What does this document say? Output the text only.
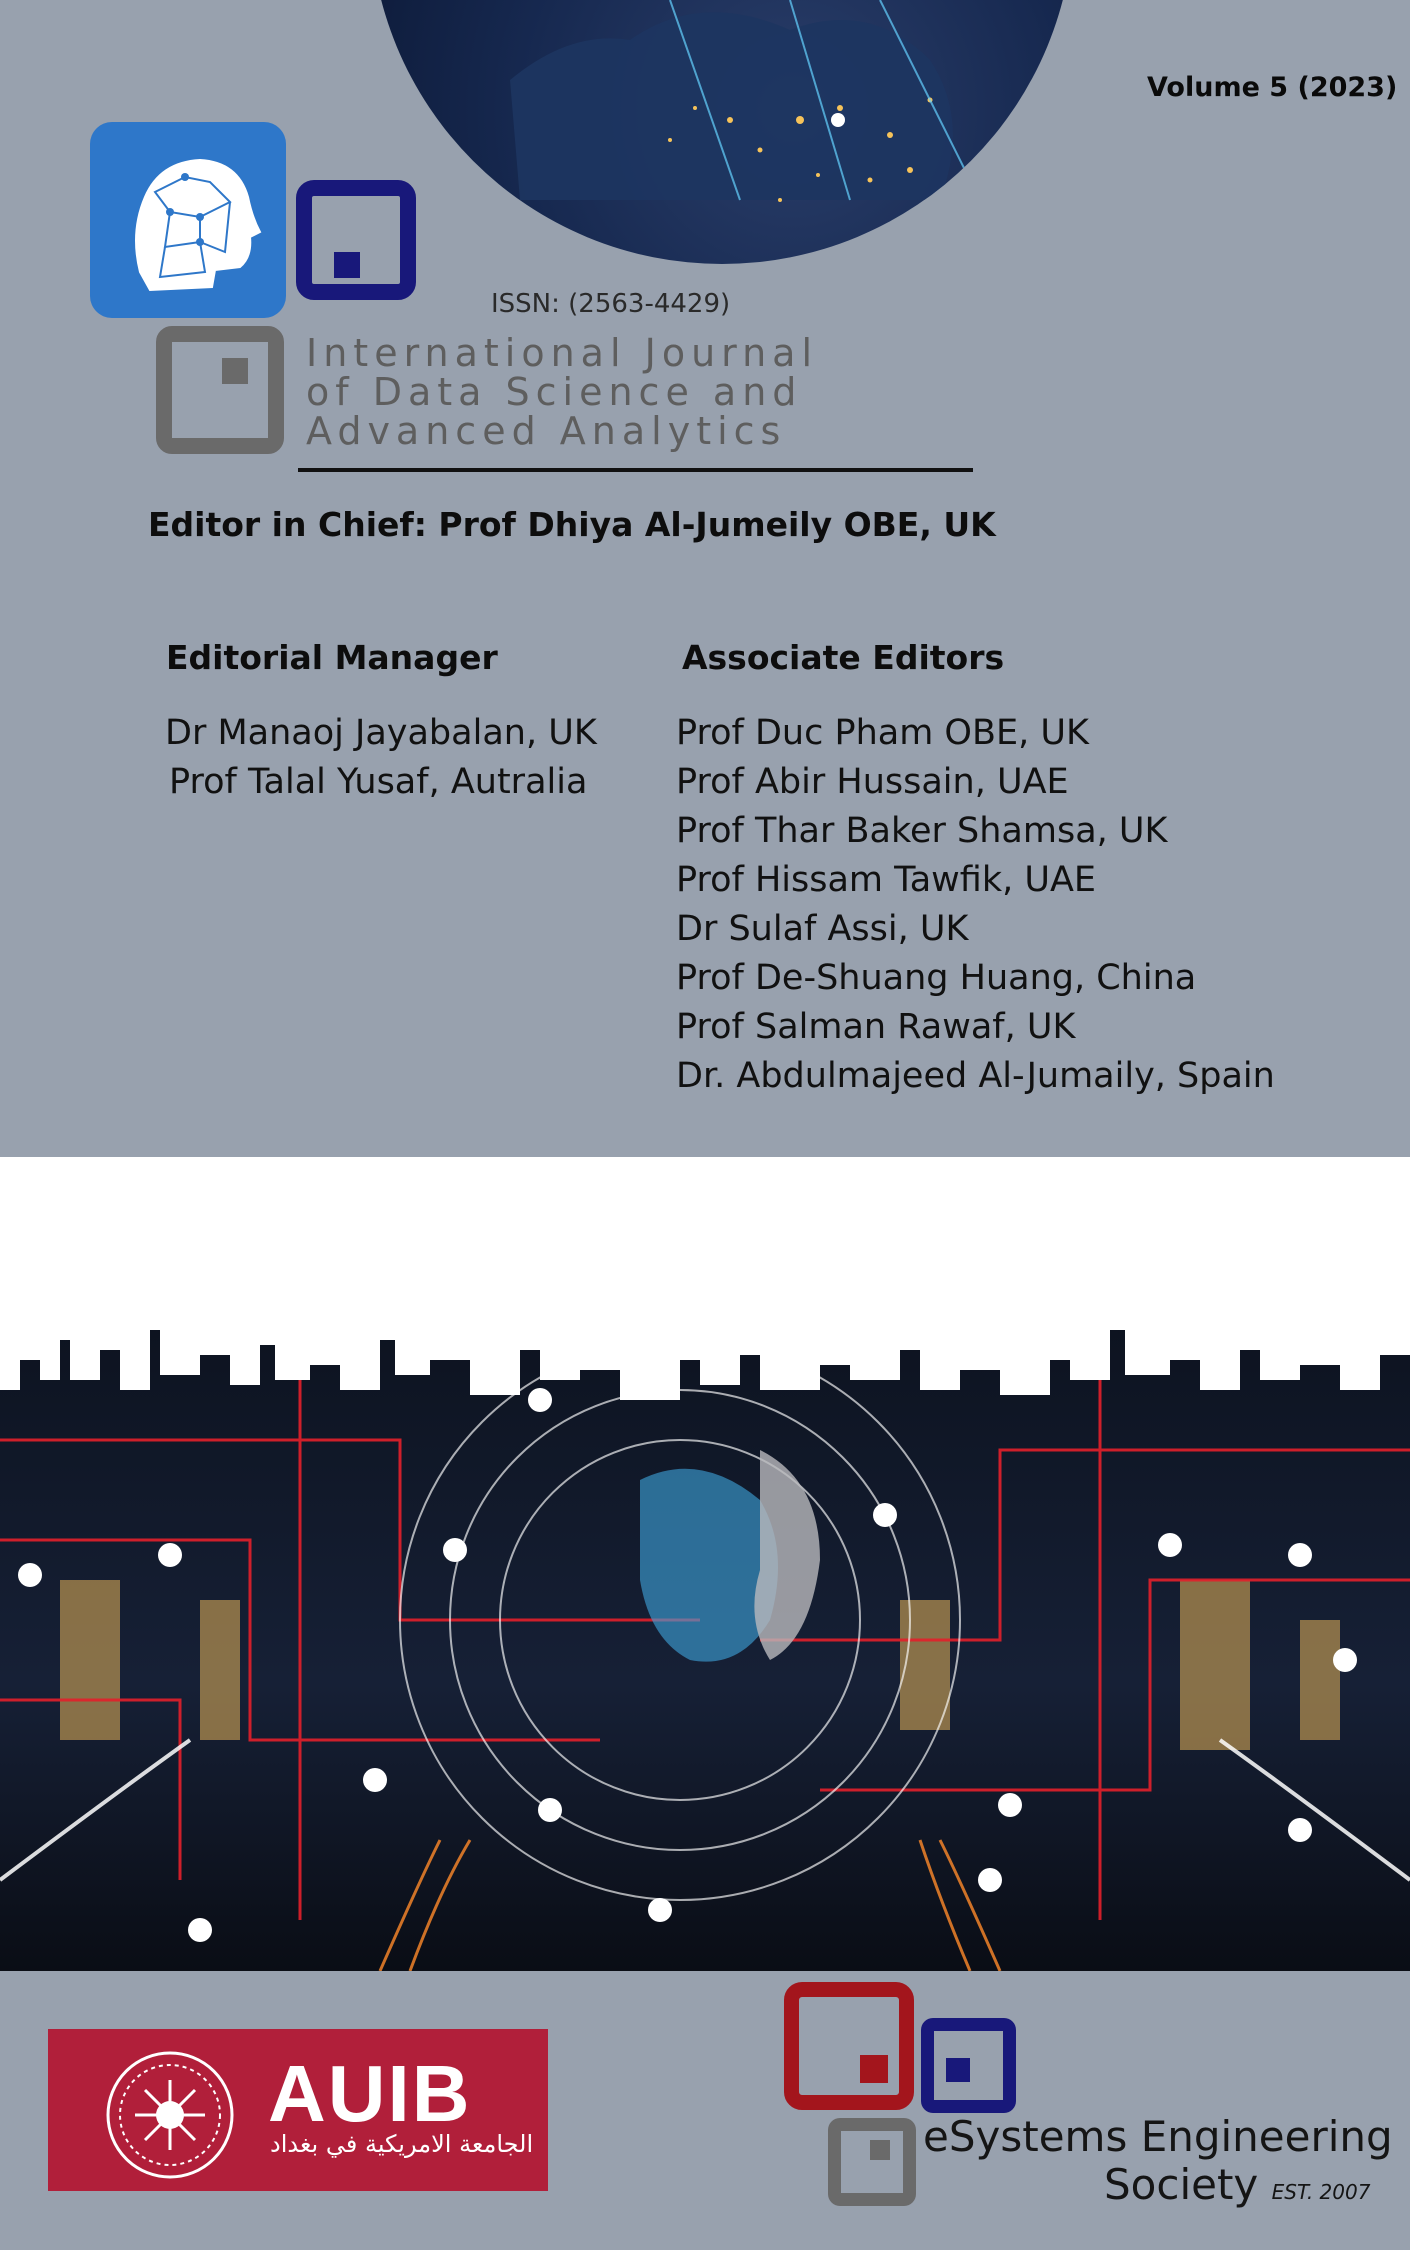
Volume 5 (2023)
ISSN: (2563-4429)
International Journal
of Data Science and
Advanced Analytics
Editor in Chief: Prof Dhiya Al-Jumeily OBE, UK
Editorial Manager
Dr Manaoj Jayabalan, UK
Prof Talal Yusaf, Autralia
Associate Editors
Prof Duc Pham OBE, UK
Prof Abir Hussain, UAE
Prof Thar Baker Shamsa, UK
Prof Hissam Tawfik, UAE
Dr Sulaf Assi, UK
Prof De-Shuang Huang, China
Prof Salman Rawaf, UK
Dr. Abdulmajeed Al-Jumaily, Spain
AUIB
الجامعة الامريكية في بغداد	eSystems Engineering
Society EST. 2007
